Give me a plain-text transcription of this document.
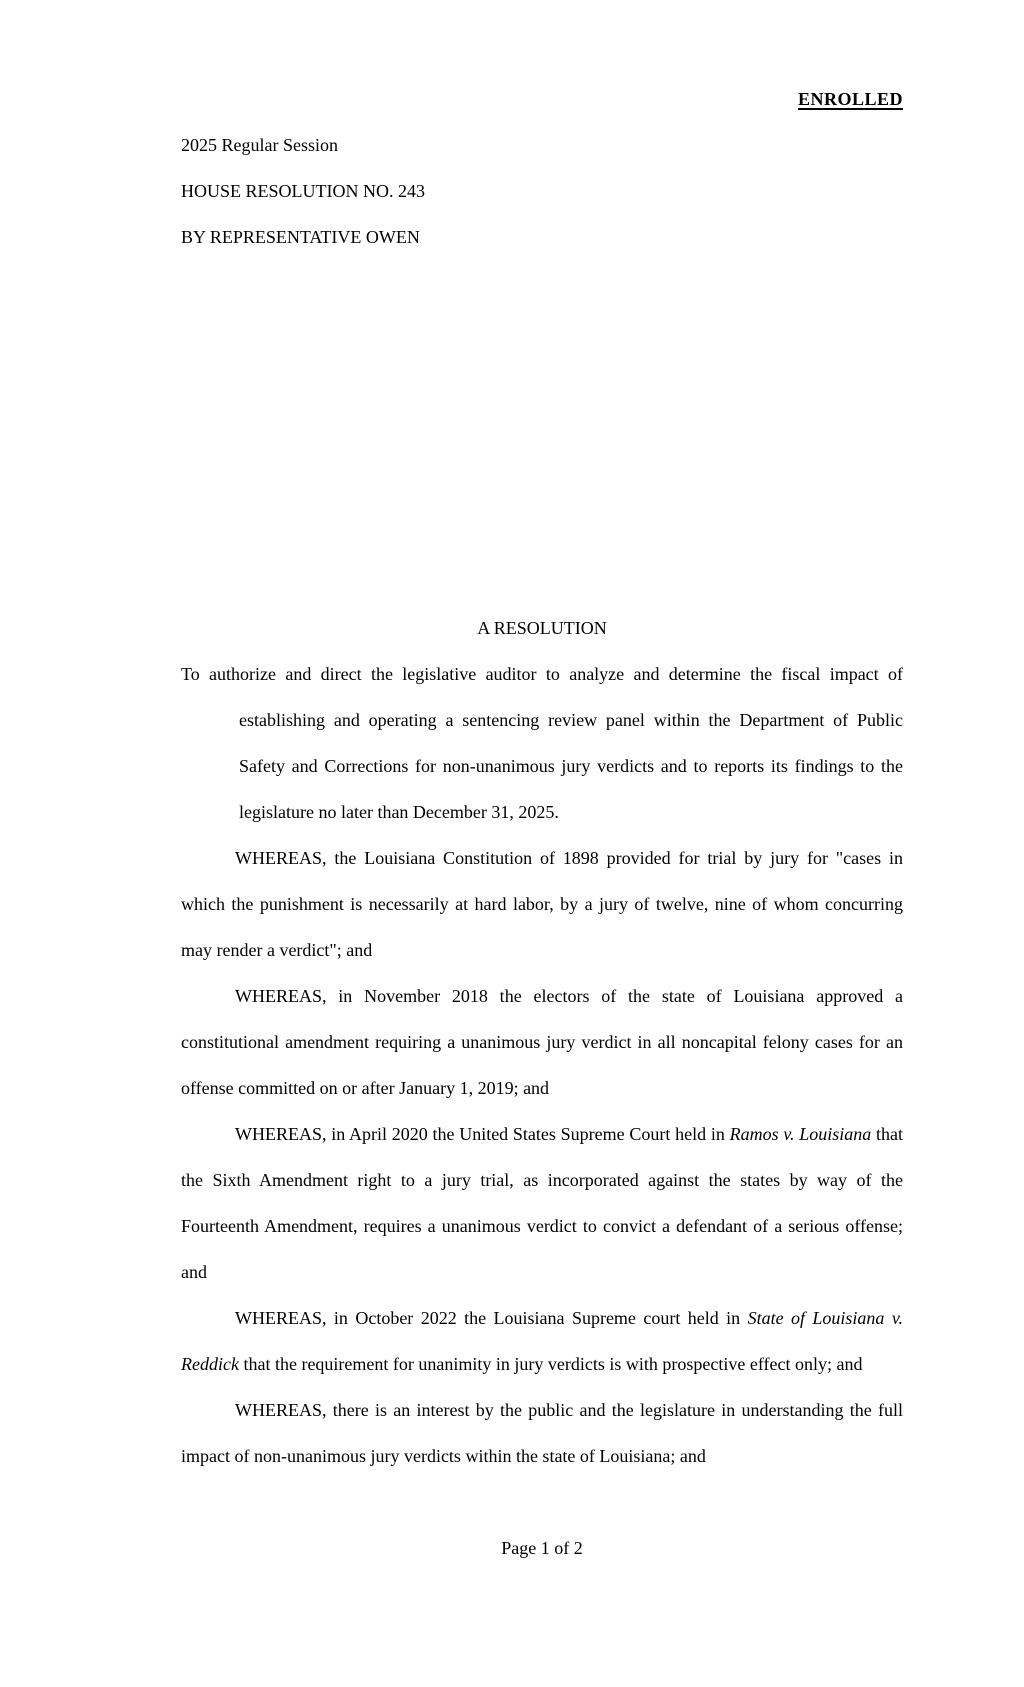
ENROLLED

2025 Regular Session

HOUSE RESOLUTION NO. 243

BY REPRESENTATIVE OWEN

A RESOLUTION

To authorize and direct the legislative auditor to analyze and determine the fiscal impact of establishing and operating a sentencing review panel within the Department of Public Safety and Corrections for non-unanimous jury verdicts and to reports its findings to the legislature no later than December 31, 2025.

WHEREAS, the Louisiana Constitution of 1898 provided for trial by jury for "cases in which the punishment is necessarily at hard labor, by a jury of twelve, nine of whom concurring may render a verdict"; and

WHEREAS, in November 2018 the electors of the state of Louisiana approved a constitutional amendment requiring a unanimous jury verdict in all noncapital felony cases for an offense committed on or after January 1, 2019; and

WHEREAS, in April 2020 the United States Supreme Court held in Ramos v. Louisiana that the Sixth Amendment right to a jury trial, as incorporated against the states by way of the Fourteenth Amendment, requires a unanimous verdict to convict a defendant of a serious offense; and

WHEREAS, in October 2022 the Louisiana Supreme court held in State of Louisiana v. Reddick that the requirement for unanimity in jury verdicts is with prospective effect only; and

WHEREAS, there is an interest by the public and the legislature in understanding the full impact of non-unanimous jury verdicts within the state of Louisiana; and

Page 1 of 2
